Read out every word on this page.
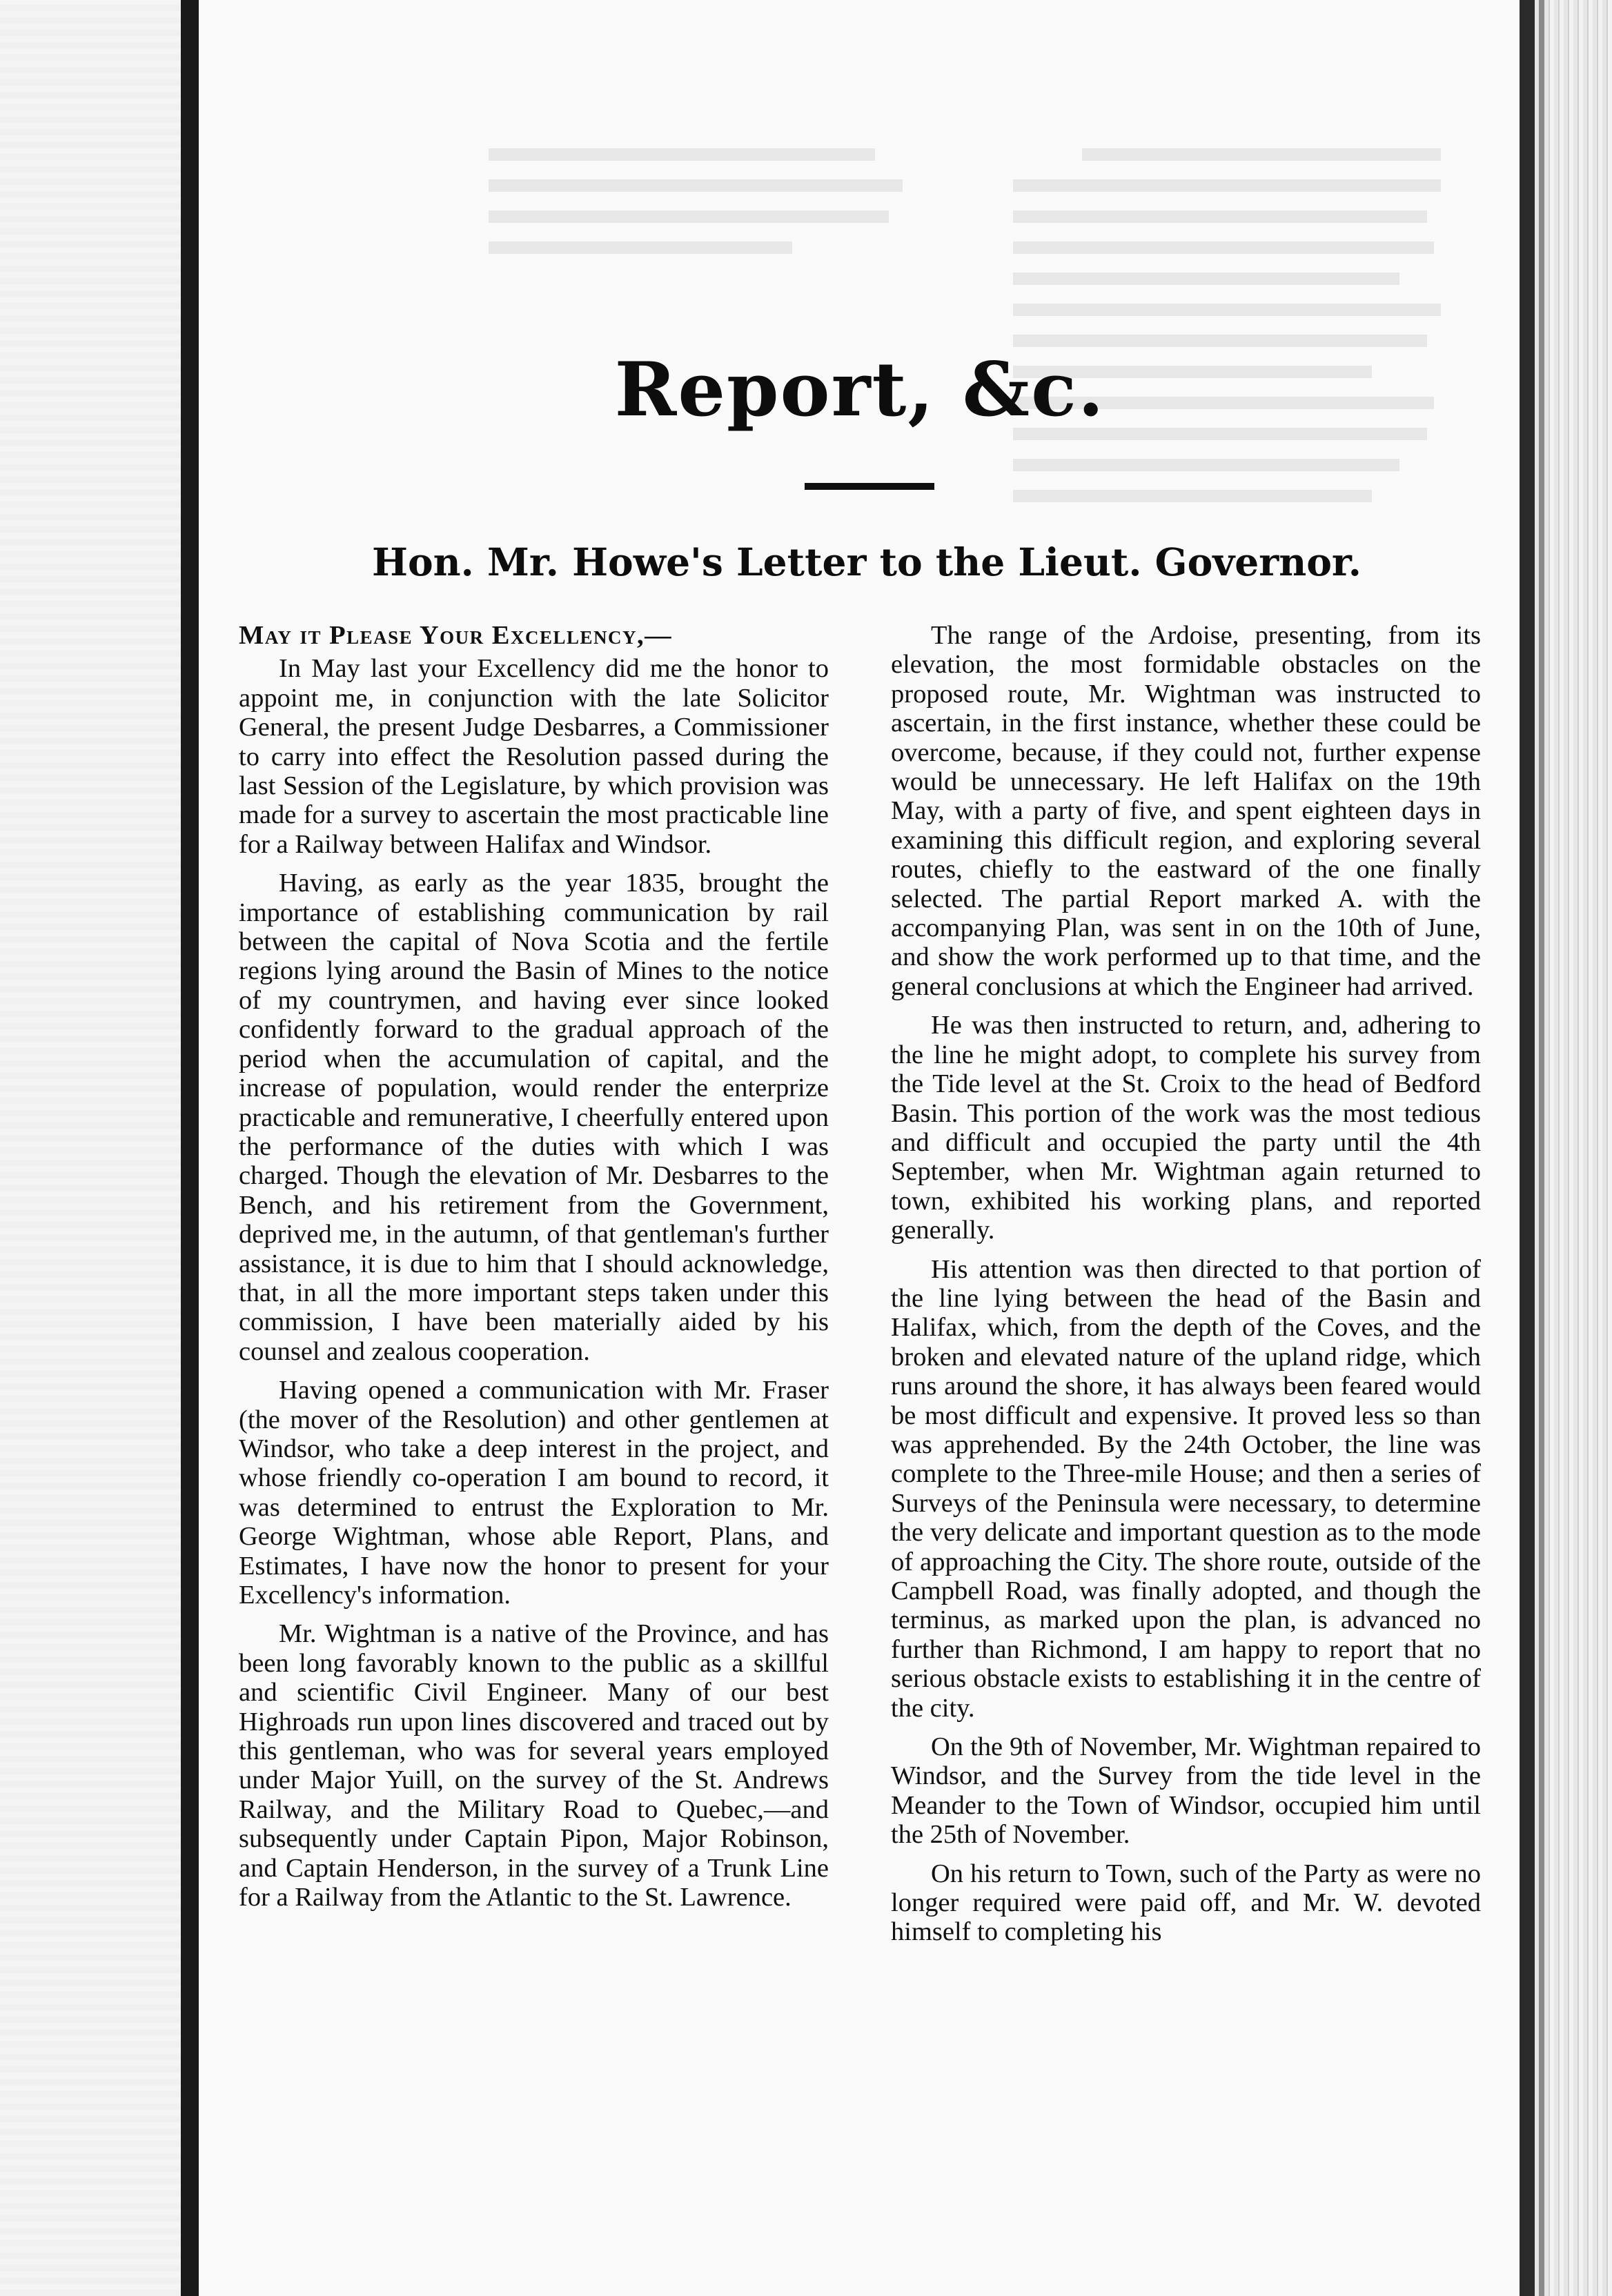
Report, &c.
Hon. Mr. Howe's Letter to the Lieut. Governor.

May it Please Your Excellency,—

In May last your Excellency did me the honor to appoint me, in conjunction with the late Solicitor General, the present Judge Desbarres, a Commissioner to carry into effect the Resolution passed during the last Session of the Legislature, by which provision was made for a survey to ascertain the most practicable line for a Railway between Halifax and Windsor.

Having, as early as the year 1835, brought the importance of establishing communication by rail between the capital of Nova Scotia and the fertile regions lying around the Basin of Mines to the notice of my countrymen, and having ever since looked confidently forward to the gradual approach of the period when the accumulation of capital, and the increase of population, would render the enterprize practicable and remunerative, I cheerfully entered upon the performance of the duties with which I was charged. Though the elevation of Mr. Desbarres to the Bench, and his retirement from the Government, deprived me, in the autumn, of that gentleman's further assistance, it is due to him that I should acknowledge, that, in all the more important steps taken under this commission, I have been materially aided by his counsel and zealous cooperation.

Having opened a communication with Mr. Fraser (the mover of the Resolution) and other gentlemen at Windsor, who take a deep interest in the project, and whose friendly co-operation I am bound to record, it was determined to entrust the Exploration to Mr. George Wightman, whose able Report, Plans, and Estimates, I have now the honor to present for your Excellency's information.

Mr. Wightman is a native of the Province, and has been long favorably known to the public as a skillful and scientific Civil Engineer. Many of our best Highroads run upon lines discovered and traced out by this gentleman, who was for several years employed under Major Yuill, on the survey of the St. Andrews Railway, and the Military Road to Quebec,—and subsequently under Captain Pipon, Major Robinson, and Captain Henderson, in the survey of a Trunk Line for a Railway from the Atlantic to the St. Lawrence.

The range of the Ardoise, presenting, from its elevation, the most formidable obstacles on the proposed route, Mr. Wightman was instructed to ascertain, in the first instance, whether these could be overcome, because, if they could not, further expense would be unnecessary. He left Halifax on the 19th May, with a party of five, and spent eighteen days in examining this difficult region, and exploring several routes, chiefly to the eastward of the one finally selected. The partial Report marked A. with the accompanying Plan, was sent in on the 10th of June, and show the work performed up to that time, and the general conclusions at which the Engineer had arrived.

He was then instructed to return, and, adhering to the line he might adopt, to complete his survey from the Tide level at the St. Croix to the head of Bedford Basin. This portion of the work was the most tedious and difficult and occupied the party until the 4th September, when Mr. Wightman again returned to town, exhibited his working plans, and reported generally.

His attention was then directed to that portion of the line lying between the head of the Basin and Halifax, which, from the depth of the Coves, and the broken and elevated nature of the upland ridge, which runs around the shore, it has always been feared would be most difficult and expensive. It proved less so than was apprehended. By the 24th October, the line was complete to the Three-mile House; and then a series of Surveys of the Peninsula were necessary, to determine the very delicate and important question as to the mode of approaching the City. The shore route, outside of the Campbell Road, was finally adopted, and though the terminus, as marked upon the plan, is advanced no further than Richmond, I am happy to report that no serious obstacle exists to establishing it in the centre of the city.

On the 9th of November, Mr. Wightman repaired to Windsor, and the Survey from the tide level in the Meander to the Town of Windsor, occupied him until the 25th of November.

On his return to Town, such of the Party as were no longer required were paid off, and Mr. W. devoted himself to completing his
